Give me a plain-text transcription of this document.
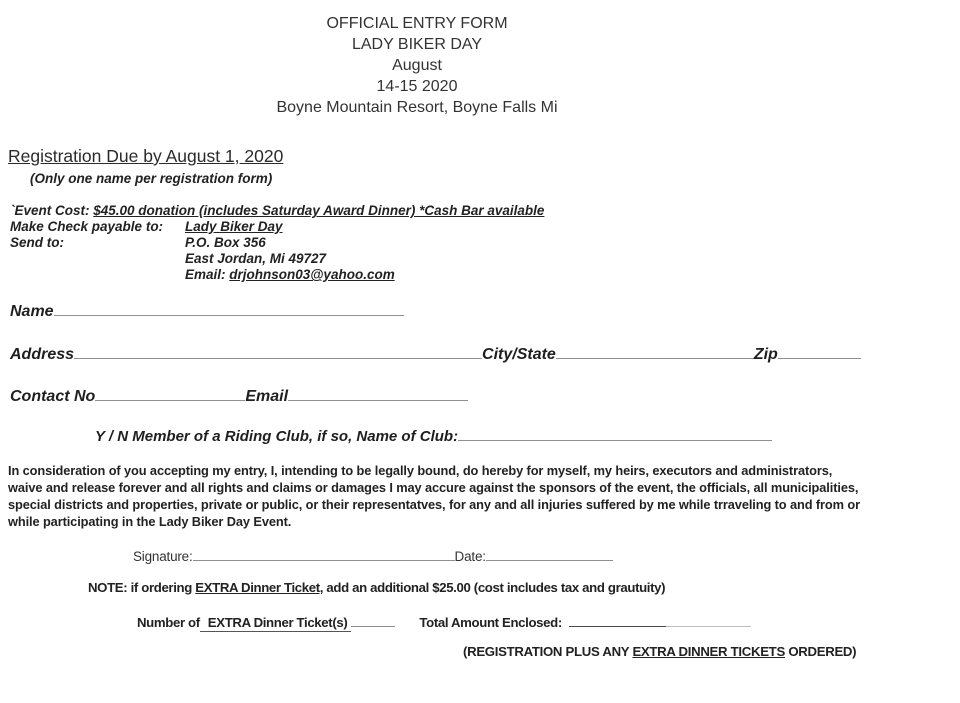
OFFICIAL ENTRY FORM
LADY BIKER DAY
August
14-15 2020
Boyne Mountain Resort, Boyne Falls Mi
Registration Due by August 1, 2020
(Only one name per registration form)
`Event Cost: $45.00 donation (includes Saturday Award Dinner) *Cash Bar available
Make Check payable to: Lady Biker Day
Send to:	P.O. Box 356
East Jordan, Mi 49727
Email: drjohnson03@yahoo.com
Name
Address	City/State	Zip
Contact No	Email
Y / N Member of a Riding Club, if so, Name of Club:
In consideration of you accepting my entry, I, intending to be legally bound, do hereby for myself, my heirs, executors and administrators,
waive and release forever and all rights and claims or damages I may accure against the sponsors of the event, the officials, all municipalities,
special districts and properties, private or public, or their representatves, for any and all injuries suffered by me while trraveling to and from or
while participating in the Lady Biker Day Event.
Signature:	Date:
NOTE: if ordering EXTRA Dinner Ticket, add an additional $25.00 (cost includes tax and grautuity)
Number of EXTRA Dinner Ticket(s)	Total Amount Enclosed:
(REGISTRATION PLUS ANY EXTRA DINNER TICKETS ORDERED)
